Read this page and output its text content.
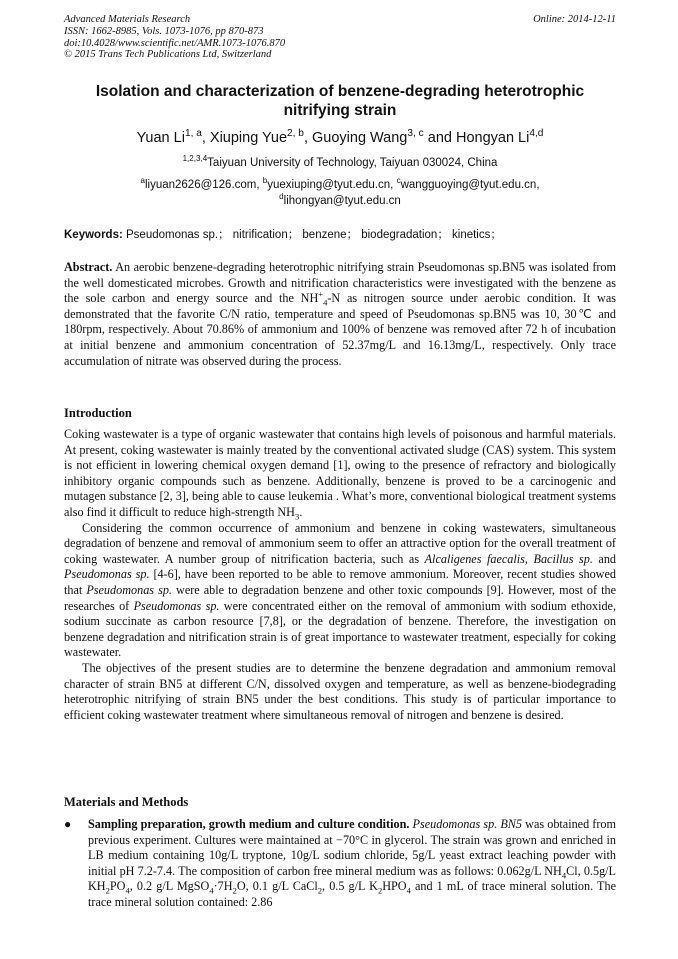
Advanced Materials Research
ISSN: 1662-8985, Vols. 1073-1076, pp 870-873
doi:10.4028/www.scientific.net/AMR.1073-1076.870
© 2015 Trans Tech Publications Ltd, Switzerland
Online: 2014-12-11
Isolation and characterization of benzene-degrading heterotrophic nitrifying strain
Yuan Li$^{1, a}$, Xiuping Yue$^{2, b}$, Guoying Wang$^{3, c}$ and Hongyan Li$^{4,d}$
$^{1,2,3,4}$Taiyuan University of Technology, Taiyuan 030024, China
$^a$liyuan2626@126.com, $^b$yuexiuping@tyut.edu.cn, $^c$wangguoying@tyut.edu.cn,
$^d$lihongyan@tyut.edu.cn
Keywords: Pseudomonas sp.； nitrification； benzene； biodegradation； kinetics；
Abstract. An aerobic benzene-degrading heterotrophic nitrifying strain Pseudomonas sp.BN5 was isolated from the well domesticated microbes. Growth and nitrification characteristics were investigated with the benzene as the sole carbon and energy source and the $NH^+_4-N$ as nitrogen source under aerobic condition. It was demonstrated that the favorite C/N ratio, temperature and speed of Pseudomonas sp.BN5 was 10, 30℃ and 180rpm, respectively. About 70.86% of ammonium and 100% of benzene was removed after 72 h of incubation at initial benzene and ammonium concentration of 52.37mg/L and 16.13mg/L, respectively. Only trace accumulation of nitrate was observed during the process.
Introduction
Coking wastewater is a type of organic wastewater that contains high levels of poisonous and harmful materials. At present, coking wastewater is mainly treated by the conventional activated sludge (CAS) system. This system is not efficient in lowering chemical oxygen demand [1], owing to the presence of refractory and biologically inhibitory organic compounds such as benzene. Additionally, benzene is proved to be a carcinogenic and mutagen substance [2, 3], being able to cause leukemia . What’s more, conventional biological treatment systems also find it difficult to reduce high-strength $NH_3$.
Considering the common occurrence of ammonium and benzene in coking wastewaters, simultaneous degradation of benzene and removal of ammonium seem to offer an attractive option for the overall treatment of coking wastewater. A number group of nitrification bacteria, such as Alcaligenes faecalis, Bacillus sp. and Pseudomonas sp. [4-6], have been reported to be able to remove ammonium. Moreover, recent studies showed that Pseudomonas sp. were able to degradation benzene and other toxic compounds [9]. However, most of the researches of Pseudomonas sp. were concentrated either on the removal of ammonium with sodium ethoxide, sodium succinate as carbon resource [7,8], or the degradation of benzene. Therefore, the investigation on benzene degradation and nitrification strain is of great importance to wastewater treatment, especially for coking wastewater.
The objectives of the present studies are to determine the benzene degradation and ammonium removal character of strain BN5 at different C/N, dissolved oxygen and temperature, as well as benzene-biodegrading heterotrophic nitrifying of strain BN5 under the best conditions. This study is of particular importance to efficient coking wastewater treatment where simultaneous removal of nitrogen and benzene is desired.
Materials and Methods
● Sampling preparation, growth medium and culture condition. Pseudomonas sp. BN5 was obtained from previous experiment. Cultures were maintained at −70°C in glycerol. The strain was grown and enriched in LB medium containing 10g/L tryptone, 10g/L sodium chloride, 5g/L yeast extract leaching powder with initial pH 7.2-7.4. The composition of carbon free mineral medium was as follows: 0.062g/L $NH_4Cl$, 0.5g/L $KH_2PO_4$, 0.2 g/L $MgSO_4\cdot 7H_2O$, 0.1 g/L CaCl$_2$, 0.5 g/L $K_2HPO_4$ and 1 mL of trace mineral solution. The trace mineral solution contained: 2.86
